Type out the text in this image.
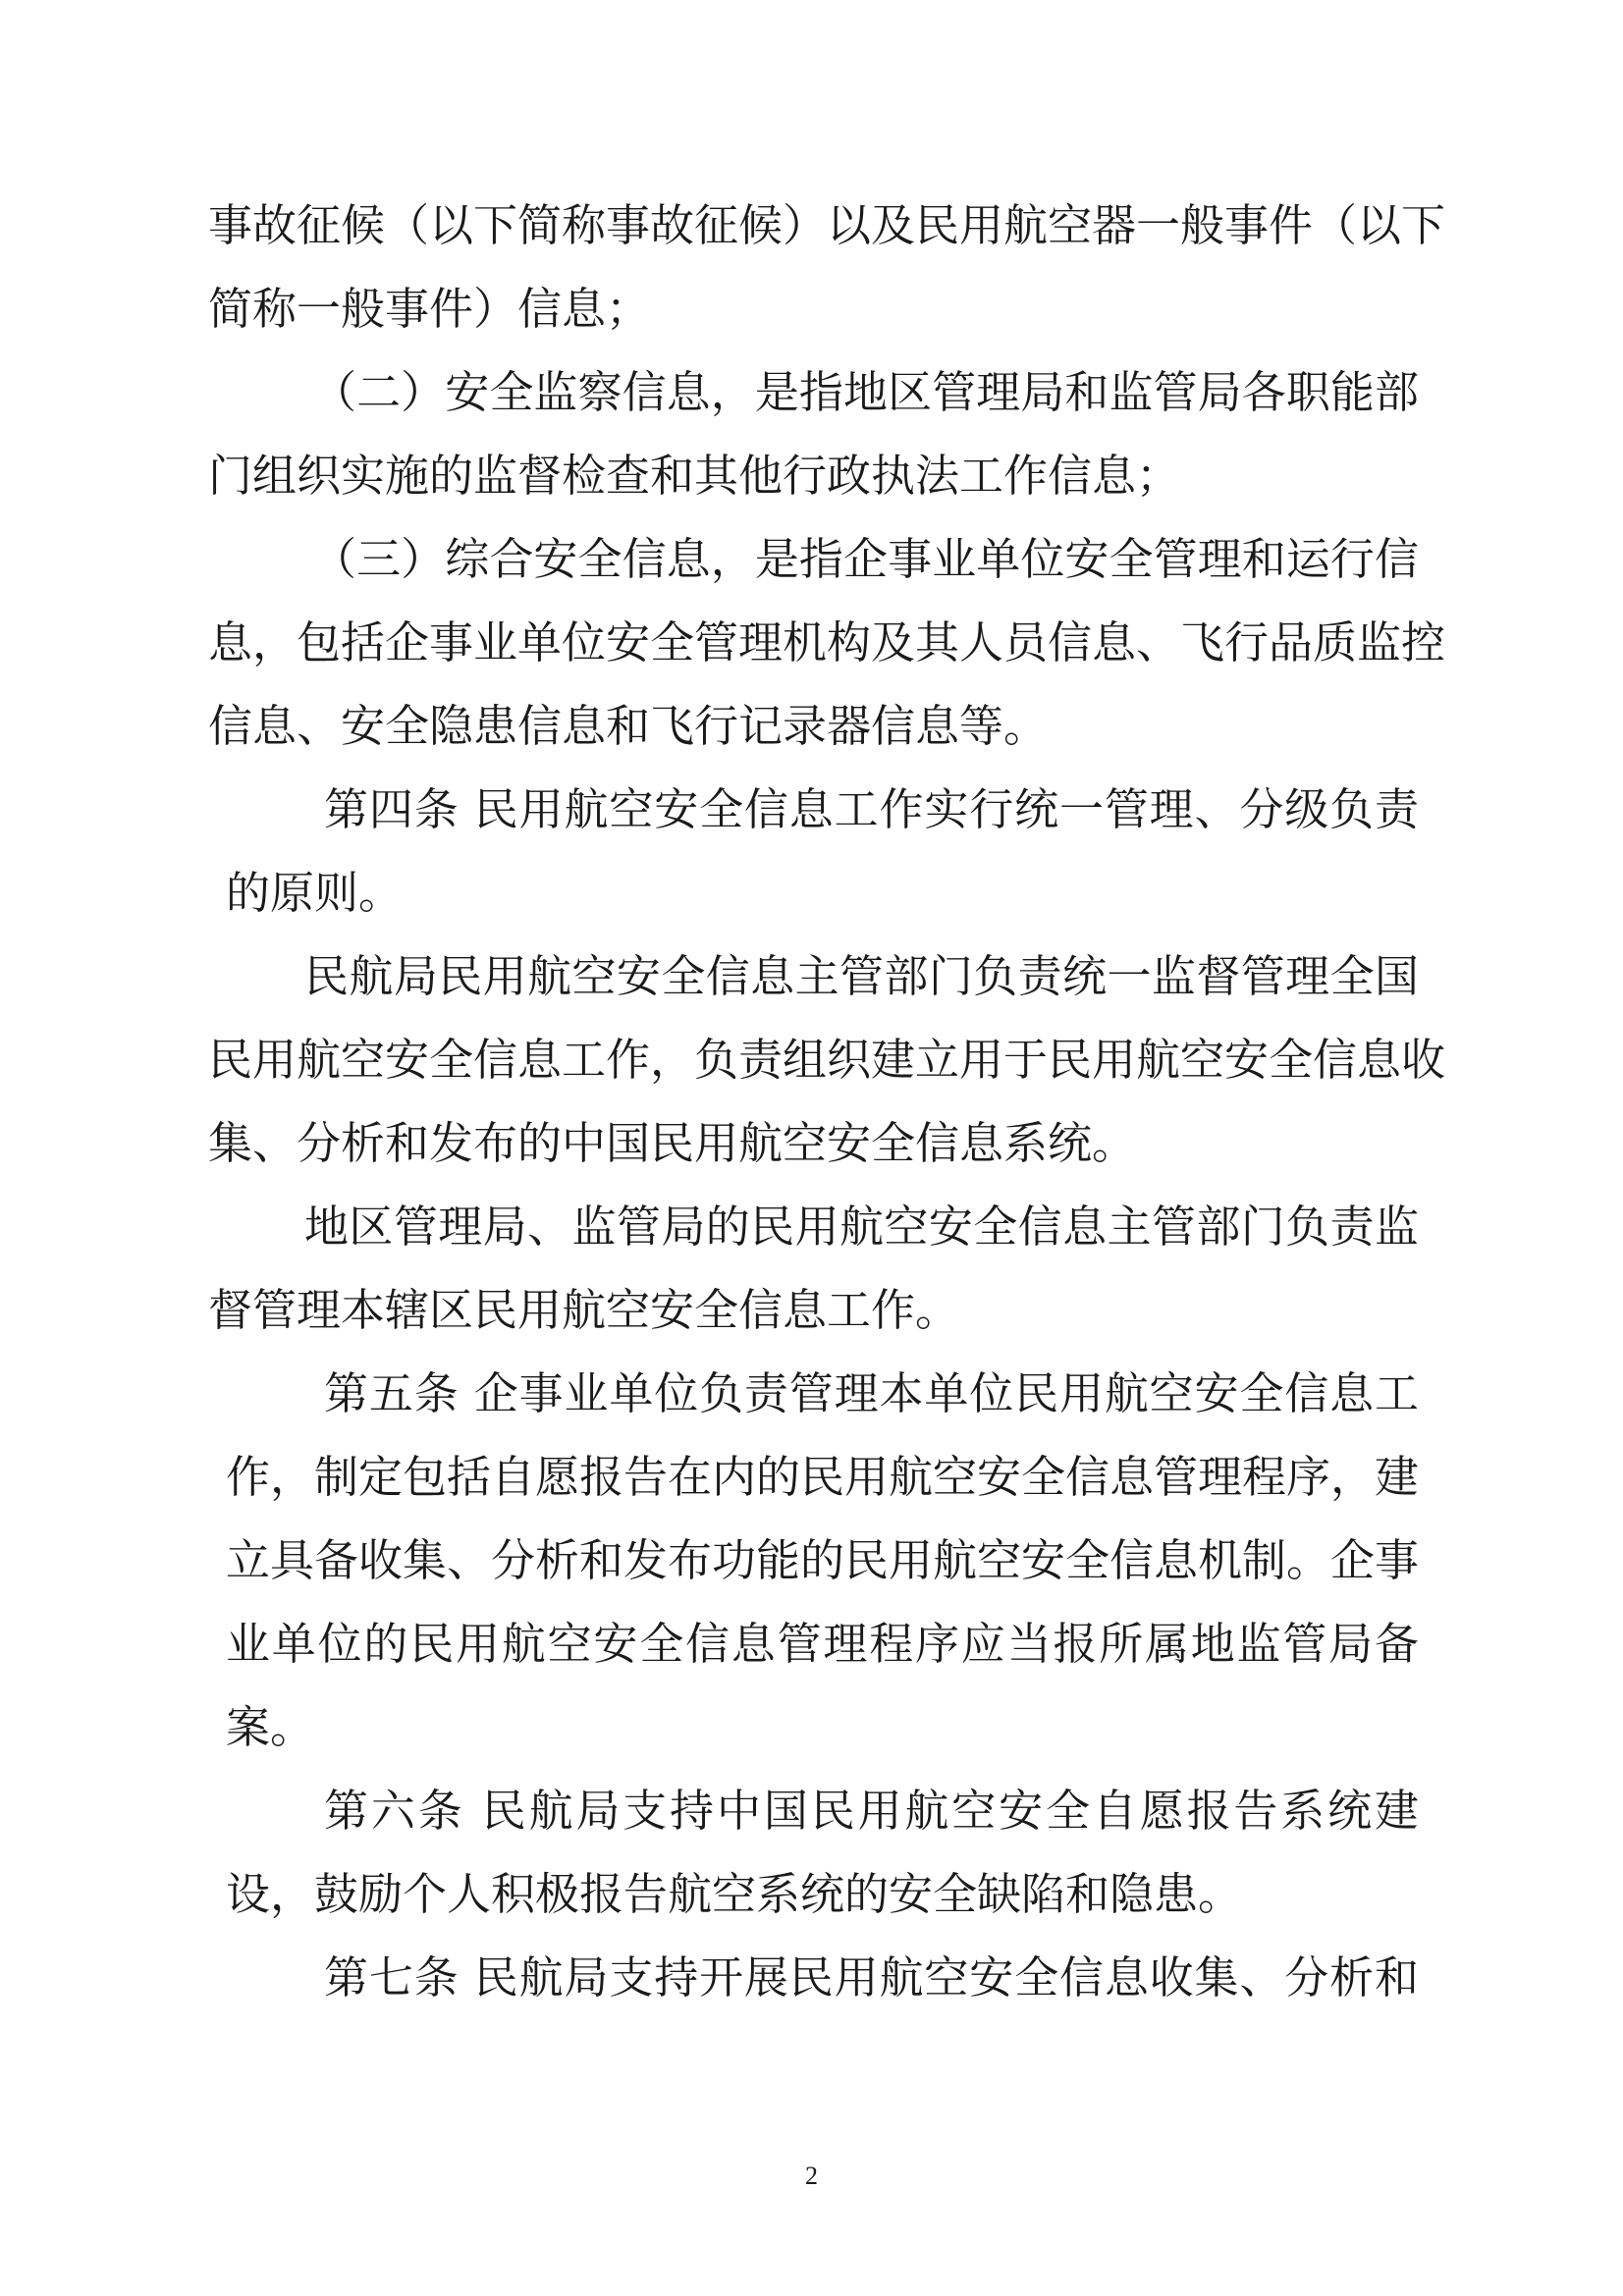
事故征候（以下简称事故征候）以及民用航空器一般事件（以下
简称一般事件）信息；
（二）安全监察信息，是指地区管理局和监管局各职能部
门组织实施的监督检查和其他行政执法工作信息；
（三）综合安全信息，是指企事业单位安全管理和运行信
息，包括企事业单位安全管理机构及其人员信息、飞行品质监控
信息、安全隐患信息和飞行记录器信息等。
第四条 民用航空安全信息工作实行统一管理、分级负责
的原则。
民航局民用航空安全信息主管部门负责统一监督管理全国
民用航空安全信息工作，负责组织建立用于民用航空安全信息收
集、分析和发布的中国民用航空安全信息系统。
地区管理局、监管局的民用航空安全信息主管部门负责监
督管理本辖区民用航空安全信息工作。
第五条 企事业单位负责管理本单位民用航空安全信息工
作，制定包括自愿报告在内的民用航空安全信息管理程序，建
立具备收集、分析和发布功能的民用航空安全信息机制。企事
业单位的民用航空安全信息管理程序应当报所属地监管局备
案。
第六条 民航局支持中国民用航空安全自愿报告系统建
设，鼓励个人积极报告航空系统的安全缺陷和隐患。
第七条 民航局支持开展民用航空安全信息收集、分析和
2
